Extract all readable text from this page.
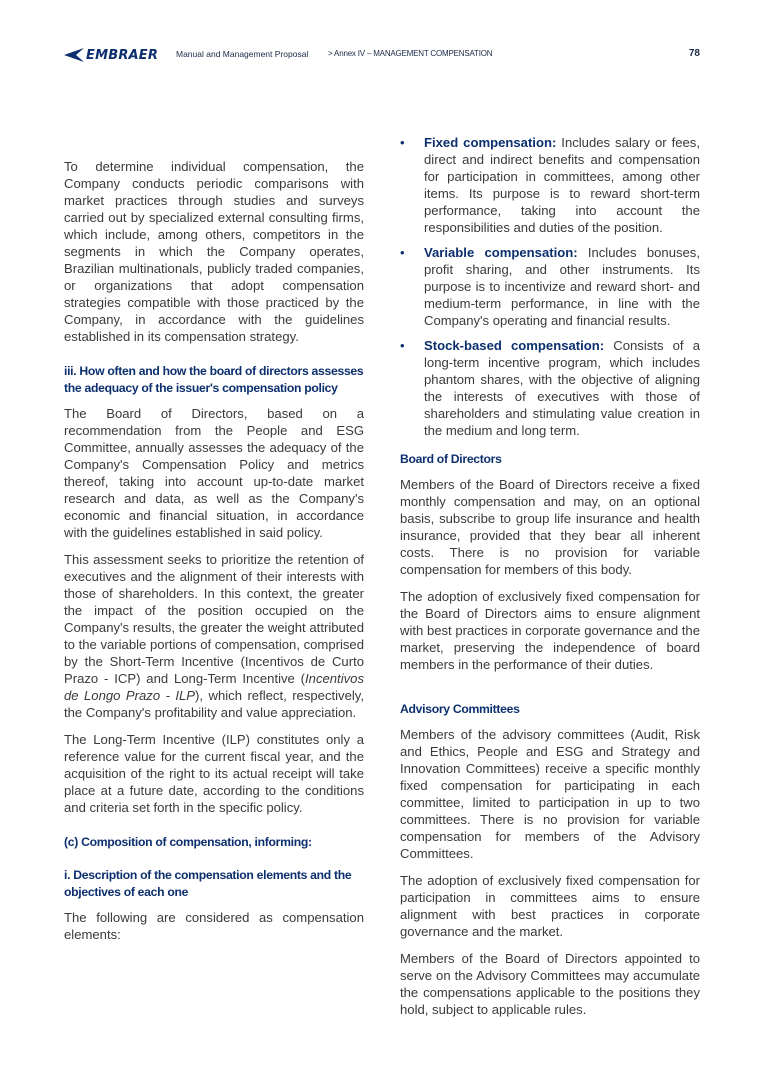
EMBRAER Manual and Management Proposal > Annex IV – MANAGEMENT COMPENSATION	78

To determine individual compensation, the Company conducts periodic comparisons with market practices through studies and surveys carried out by specialized external consulting firms, which include, among others, competitors in the segments in which the Company operates, Brazilian multinationals, publicly traded companies, or organizations that adopt compensation strategies compatible with those practiced by the Company, in accordance with the guidelines established in its compensation strategy.

iii. How often and how the board of directors assesses the adequacy of the issuer's compensation policy

The Board of Directors, based on a recommendation from the People and ESG Committee, annually assesses the adequacy of the Company's Compensation Policy and metrics thereof, taking into account up-to-date market research and data, as well as the Company's economic and financial situation, in accordance with the guidelines established in said policy.

This assessment seeks to prioritize the retention of executives and the alignment of their interests with those of shareholders. In this context, the greater the impact of the position occupied on the Company's results, the greater the weight attributed to the variable portions of compensation, comprised by the Short-Term Incentive (Incentivos de Curto Prazo - ICP) and Long-Term Incentive (Incentivos de Longo Prazo - ILP), which reflect, respectively, the Company's profitability and value appreciation.

The Long-Term Incentive (ILP) constitutes only a reference value for the current fiscal year, and the acquisition of the right to its actual receipt will take place at a future date, according to the conditions and criteria set forth in the specific policy.

(c) Composition of compensation, informing:
i. Description of the compensation elements and the objectives of each one

The following are considered as compensation elements:

• Fixed compensation: Includes salary or fees, direct and indirect benefits and compensation for participation in committees, among other items. Its purpose is to reward short-term performance, taking into account the responsibilities and duties of the position.
• Variable compensation: Includes bonuses, profit sharing, and other instruments. Its purpose is to incentivize and reward short- and medium-term performance, in line with the Company's operating and financial results.
• Stock-based compensation: Consists of a long-term incentive program, which includes phantom shares, with the objective of aligning the interests of executives with those of shareholders and stimulating value creation in the medium and long term.
Board of Directors

Members of the Board of Directors receive a fixed monthly compensation and may, on an optional basis, subscribe to group life insurance and health insurance, provided that they bear all inherent costs. There is no provision for variable compensation for members of this body.

The adoption of exclusively fixed compensation for the Board of Directors aims to ensure alignment with best practices in corporate governance and the market, preserving the independence of board members in the performance of their duties.

Advisory Committees

Members of the advisory committees (Audit, Risk and Ethics, People and ESG and Strategy and Innovation Committees) receive a specific monthly fixed compensation for participating in each committee, limited to participation in up to two committees. There is no provision for variable compensation for members of the Advisory Committees.

The adoption of exclusively fixed compensation for participation in committees aims to ensure alignment with best practices in corporate governance and the market.

Members of the Board of Directors appointed to serve on the Advisory Committees may accumulate the compensations applicable to the positions they hold, subject to applicable rules.
